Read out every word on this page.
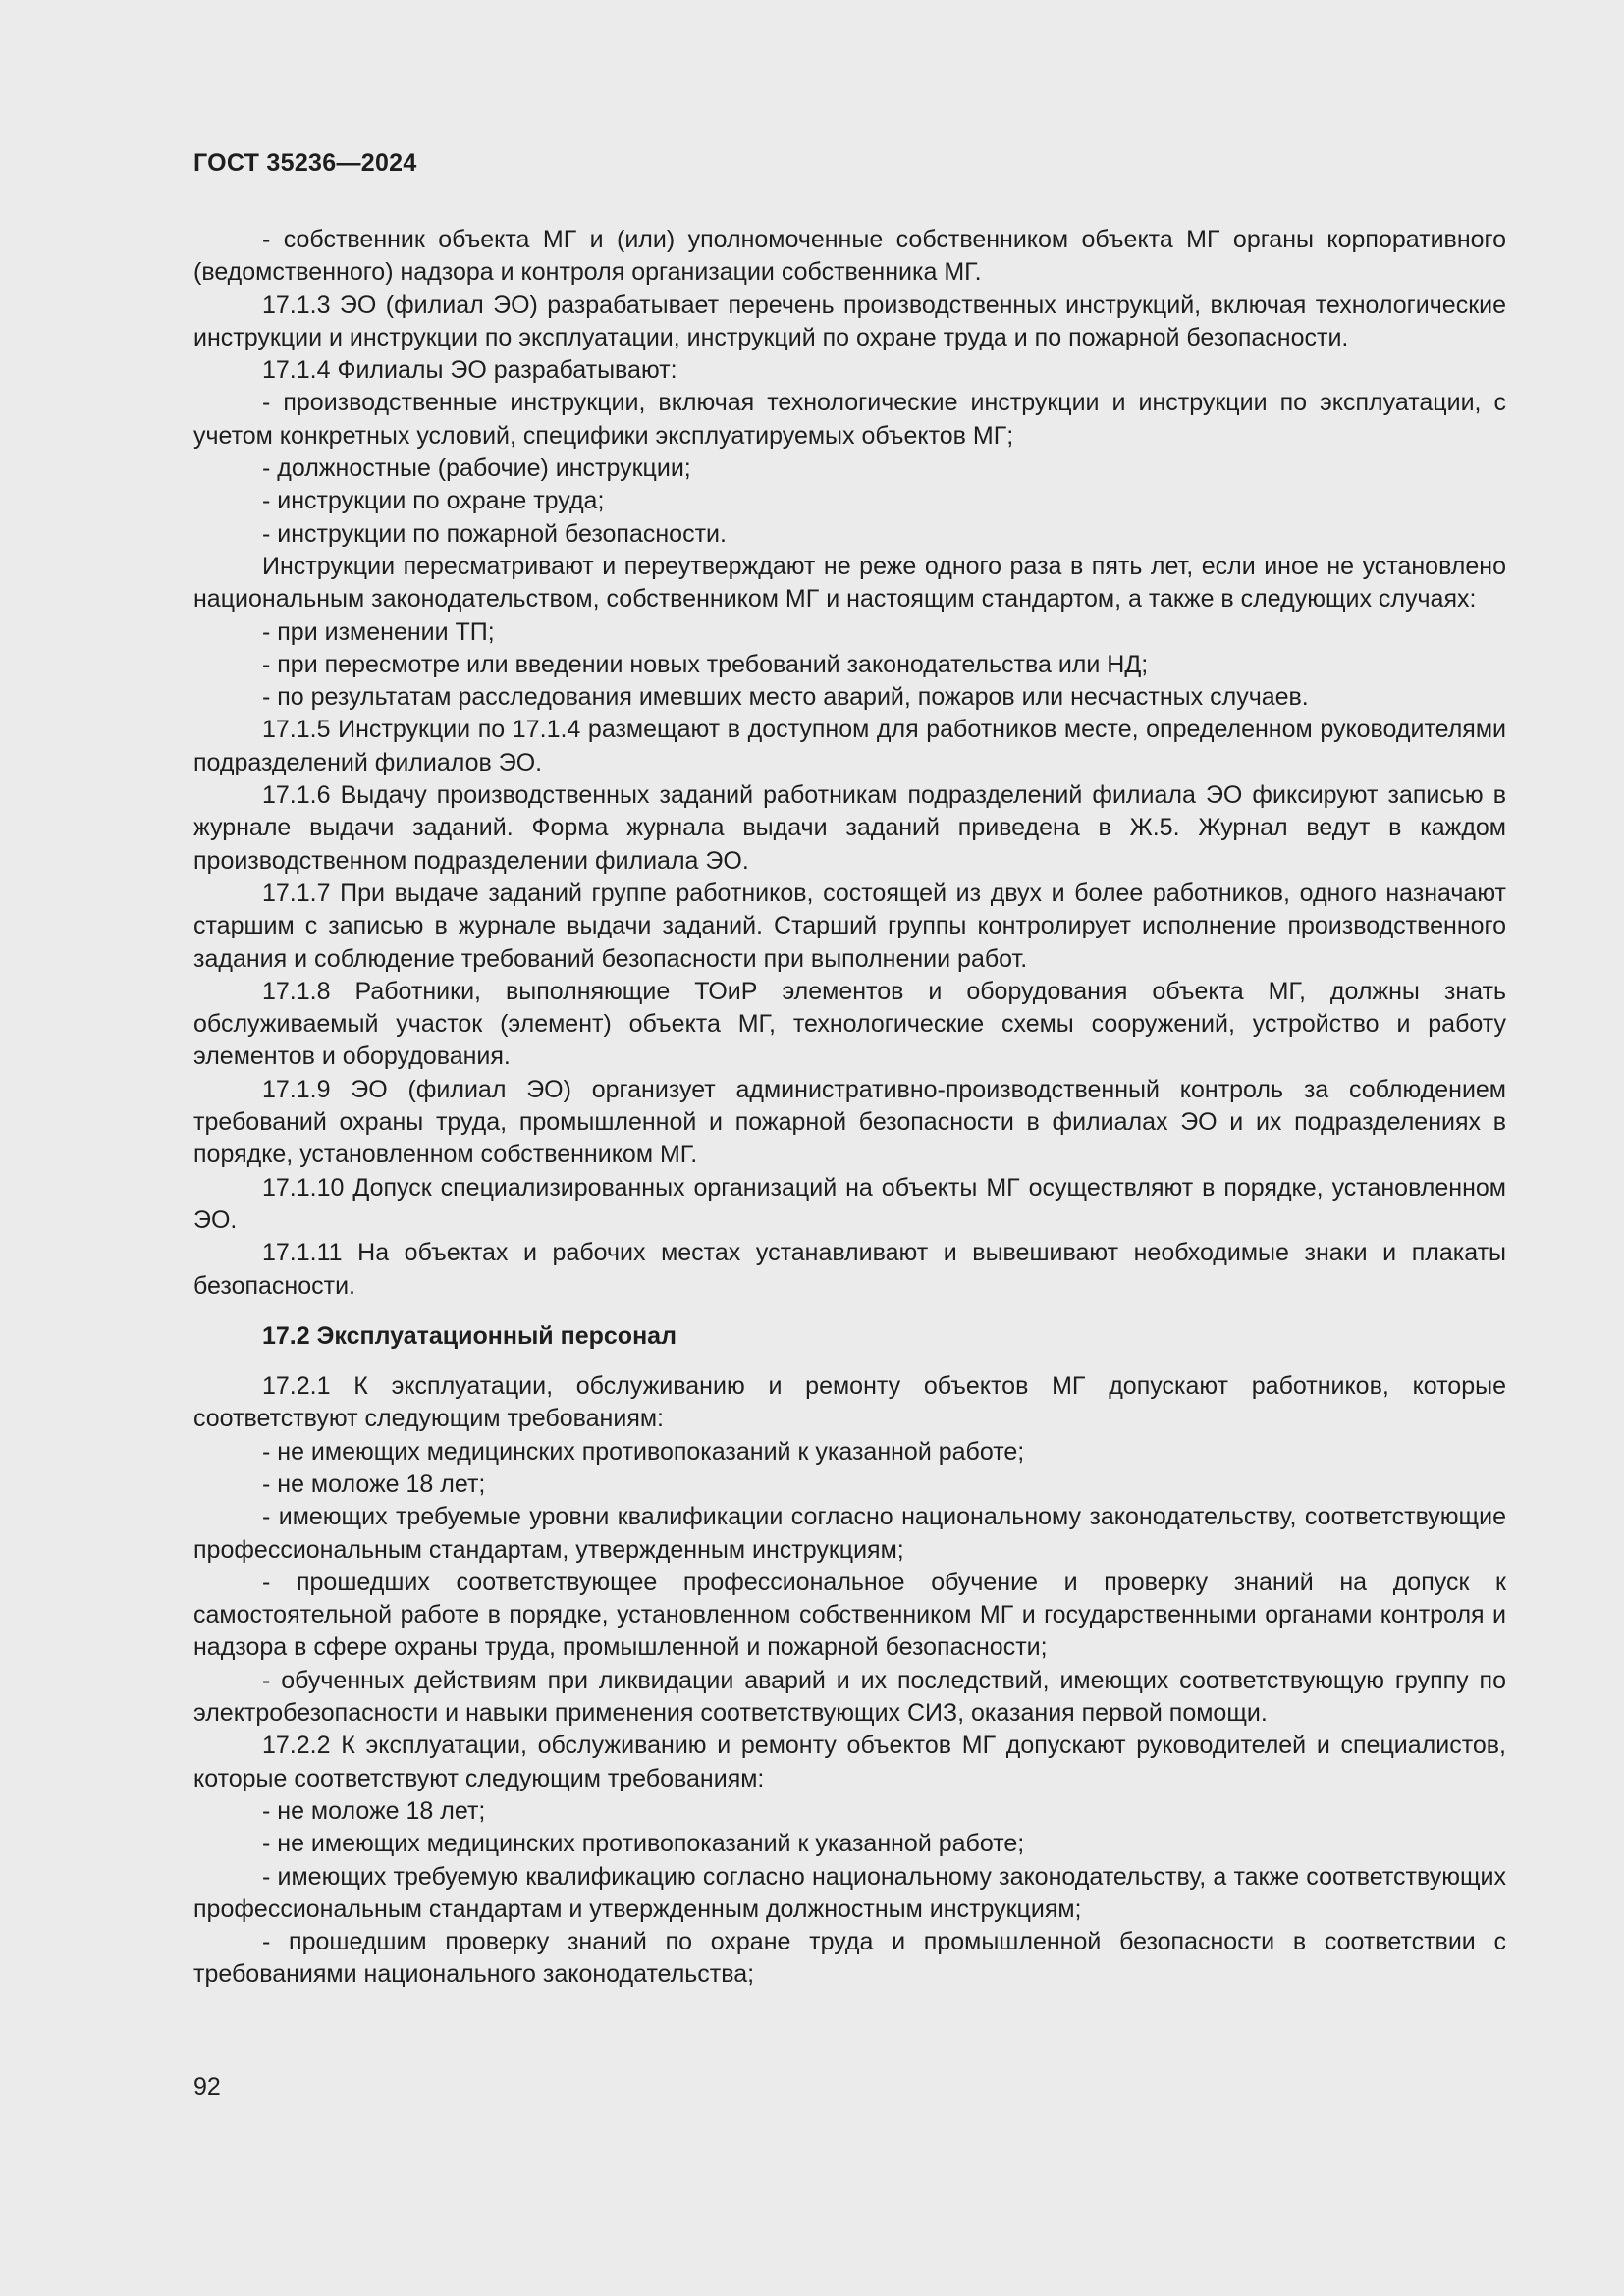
ГОСТ 35236—2024

- собственник объекта МГ и (или) уполномоченные собственником объекта МГ органы корпоративного (ведомственного) надзора и контроля организации собственника МГ.

17.1.3 ЭО (филиал ЭО) разрабатывает перечень производственных инструкций, включая технологические инструкции и инструкции по эксплуатации, инструкций по охране труда и по пожарной безопасности.

17.1.4 Филиалы ЭО разрабатывают:

- производственные инструкции, включая технологические инструкции и инструкции по эксплуатации, с учетом конкретных условий, специфики эксплуатируемых объектов МГ;

- должностные (рабочие) инструкции;

- инструкции по охране труда;

- инструкции по пожарной безопасности.

Инструкции пересматривают и переутверждают не реже одного раза в пять лет, если иное не установлено национальным законодательством, собственником МГ и настоящим стандартом, а также в следующих случаях:

- при изменении ТП;

- при пересмотре или введении новых требований законодательства или НД;

- по результатам расследования имевших место аварий, пожаров или несчастных случаев.

17.1.5 Инструкции по 17.1.4 размещают в доступном для работников месте, определенном руководителями подразделений филиалов ЭО.

17.1.6 Выдачу производственных заданий работникам подразделений филиала ЭО фиксируют записью в журнале выдачи заданий. Форма журнала выдачи заданий приведена в Ж.5. Журнал ведут в каждом производственном подразделении филиала ЭО.

17.1.7 При выдаче заданий группе работников, состоящей из двух и более работников, одного назначают старшим с записью в журнале выдачи заданий. Старший группы контролирует исполнение производственного задания и соблюдение требований безопасности при выполнении работ.

17.1.8 Работники, выполняющие ТОиР элементов и оборудования объекта МГ, должны знать обслуживаемый участок (элемент) объекта МГ, технологические схемы сооружений, устройство и работу элементов и оборудования.

17.1.9 ЭО (филиал ЭО) организует административно-производственный контроль за соблюдением требований охраны труда, промышленной и пожарной безопасности в филиалах ЭО и их подразделениях в порядке, установленном собственником МГ.

17.1.10 Допуск специализированных организаций на объекты МГ осуществляют в порядке, установленном ЭО.

17.1.11 На объектах и рабочих местах устанавливают и вывешивают необходимые знаки и плакаты безопасности.

17.2 Эксплуатационный персонал

17.2.1 К эксплуатации, обслуживанию и ремонту объектов МГ допускают работников, которые соответствуют следующим требованиям:

- не имеющих медицинских противопоказаний к указанной работе;

- не моложе 18 лет;

- имеющих требуемые уровни квалификации согласно национальному законодательству, соответствующие профессиональным стандартам, утвержденным инструкциям;

- прошедших соответствующее профессиональное обучение и проверку знаний на допуск к самостоятельной работе в порядке, установленном собственником МГ и государственными органами контроля и надзора в сфере охраны труда, промышленной и пожарной безопасности;

- обученных действиям при ликвидации аварий и их последствий, имеющих соответствующую группу по электробезопасности и навыки применения соответствующих СИЗ, оказания первой помощи.

17.2.2 К эксплуатации, обслуживанию и ремонту объектов МГ допускают руководителей и специалистов, которые соответствуют следующим требованиям:

- не моложе 18 лет;

- не имеющих медицинских противопоказаний к указанной работе;

- имеющих требуемую квалификацию согласно национальному законодательству, а также соответствующих профессиональным стандартам и утвержденным должностным инструкциям;

- прошедшим проверку знаний по охране труда и промышленной безопасности в соответствии с требованиями национального законодательства;

92
